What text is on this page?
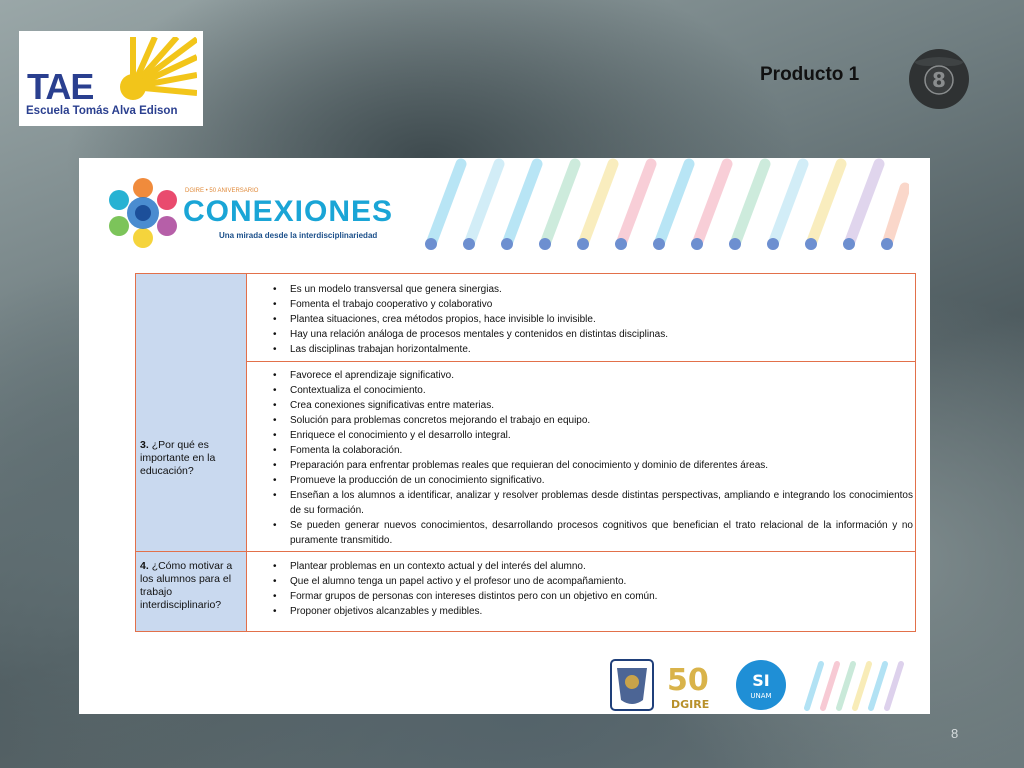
TAE
Escuela Tomás Alva Edison
Producto 1	8
DGIRE • 50 ANIVERSARIO
CONEXIONES
Una mirada desde la interdisciplinariedad
• Es un modelo transversal que genera sinergias.
• Fomenta el trabajo cooperativo y colaborativo
• Plantea situaciones, crea métodos propios, hace invisible lo invisible.
• Hay una relación análoga de procesos mentales y contenidos en distintas disciplinas.
• Las disciplinas trabajan horizontalmente.
3. ¿Por qué es importante en la educación?
• Favorece el aprendizaje significativo.
• Contextualiza el conocimiento.
• Crea conexiones significativas entre materias.
• Solución para problemas concretos mejorando el trabajo en equipo.
• Enriquece el conocimiento y el desarrollo integral.
• Fomenta la colaboración.
• Preparación para enfrentar problemas reales que requieran del conocimiento y dominio de diferentes áreas.
• Promueve la producción de un conocimiento significativo.
• Enseñan a los alumnos a identificar, analizar y resolver problemas desde distintas perspectivas, ampliando e integrando los conocimientos de su formación.
• Se pueden generar nuevos conocimientos, desarrollando procesos cognitivos que benefician el trato relacional de la información y no puramente transmitido.
4. ¿Cómo motivar a los alumnos para el trabajo interdisciplinario?
• Plantear problemas en un contexto actual y del interés del alumno.
• Que el alumno tenga un papel activo y el profesor uno de acompañamiento.
• Formar grupos de personas con intereses distintos pero con un objetivo en común.
• Proponer objetivos alcanzables y medibles.
50
DGIRE
SI
UNAM
8
